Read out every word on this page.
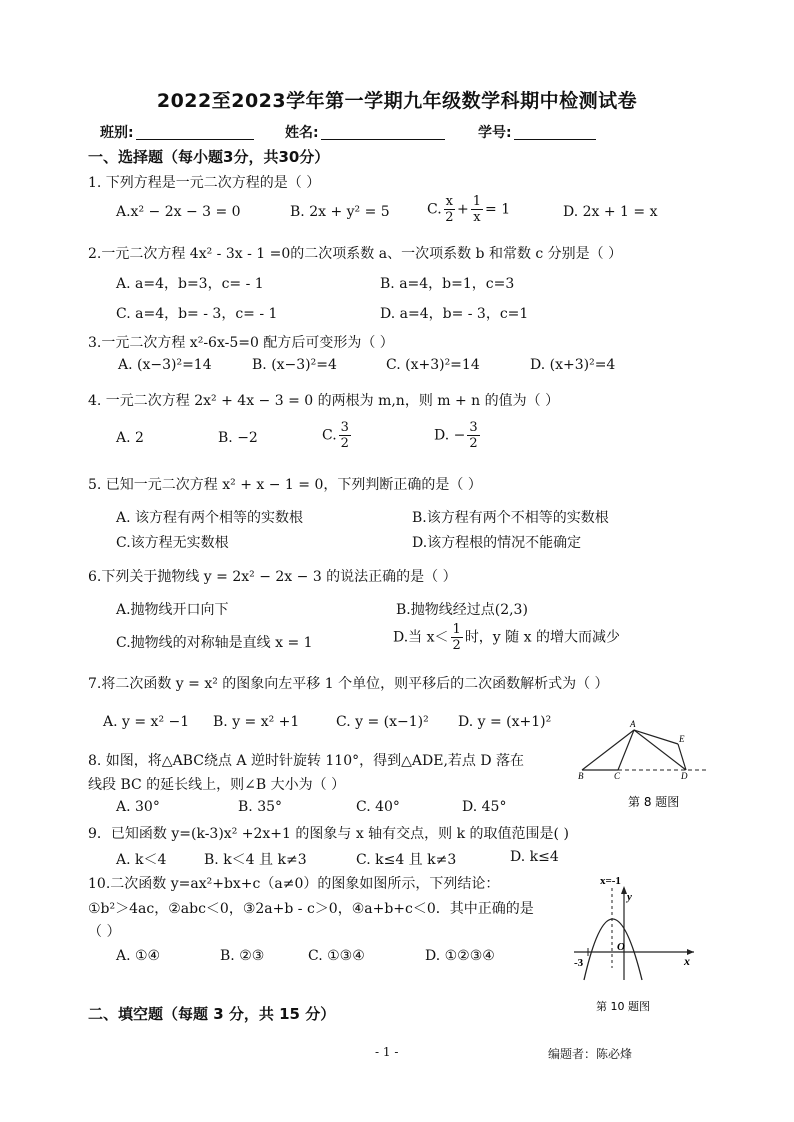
2022至2023学年第一学期九年级数学科期中检测试卷
班别:	姓名:	学号:
一、选择题（每小题3分，共30分）
1. 下列方程是一元二次方程的是（ ）
A.x² − 2x − 3 = 0	B. 2x + y² = 5	C. $\frac{x}{2} + \frac{1}{x} = 1$	D. 2x + 1 = x
2.一元二次方程 4x² - 3x - 1 =0的二次项系数 a、一次项系数 b 和常数 c 分别是（ ）
A. a=4，b=3，c= - 1	B. a=4，b=1，c=3
C. a=4，b= - 3，c= - 1	D. a=4，b= - 3，c=1
3.一元二次方程 x²-6x-5=0 配方后可变形为（ ）
A. (x−3)²=14	B. (x−3)²=4	C. (x+3)²=14	D. (x+3)²=4
4. 一元二次方程 2x² + 4x − 3 = 0 的两根为 m,n，则 m + n 的值为（ ）
A. 2	B. −2	C. $\frac{3}{2}$	D. − $\frac{3}{2}$
5. 已知一元二次方程 x² + x − 1 = 0，下列判断正确的是（ ）
A. 该方程有两个相等的实数根	B.该方程有两个不相等的实数根
C.该方程无实数根	D.该方程根的情况不能确定
6.下列关于抛物线 y = 2x² − 2x − 3 的说法正确的是（ ）
A.抛物线开口向下	B.抛物线经过点(2,3)
C.抛物线的对称轴是直线 x = 1	D.当 $x< \frac{1}{2}$ 时，y 随 x 的增大而减少
7.将二次函数 y = x² 的图象向左平移 1 个单位，则平移后的二次函数解析式为（ ）
A. y = x² −1 B. y = x² +1	C. y = (x−1)² D. y = (x+1)²
8. 如图，将△ABC绕点 A 逆时针旋转 110°，得到△ADE,若点 D 落在
线段 BC 的延长线上，则∠B 大小为（ ）
A. 30°	B. 35°	C. 40°	D. 45°
A
B	C	D
E
第 8 题图
9．已知函数 y=(k-3)x² +2x+1 的图象与 x 轴有交点，则 k 的取值范围是( )
A. k＜4	B. k＜4 且 k≠3	C. k≤4 且 k≠3	D. k≤4
10.二次函数 y=ax²+bx+c（a≠0）的图象如图所示，下列结论：
①b²＞4ac，②abc＜0，③2a+b - c＞0，④a+b+c＜0．其中正确的是
（ ）
A. ①④	B. ②③	C. ①③④	D. ①②③④
x=-1
y
x
O
-3
第 10 题图
二、填空题（每题 3 分，共 15 分）
- 1 -	编题者：陈必烽
